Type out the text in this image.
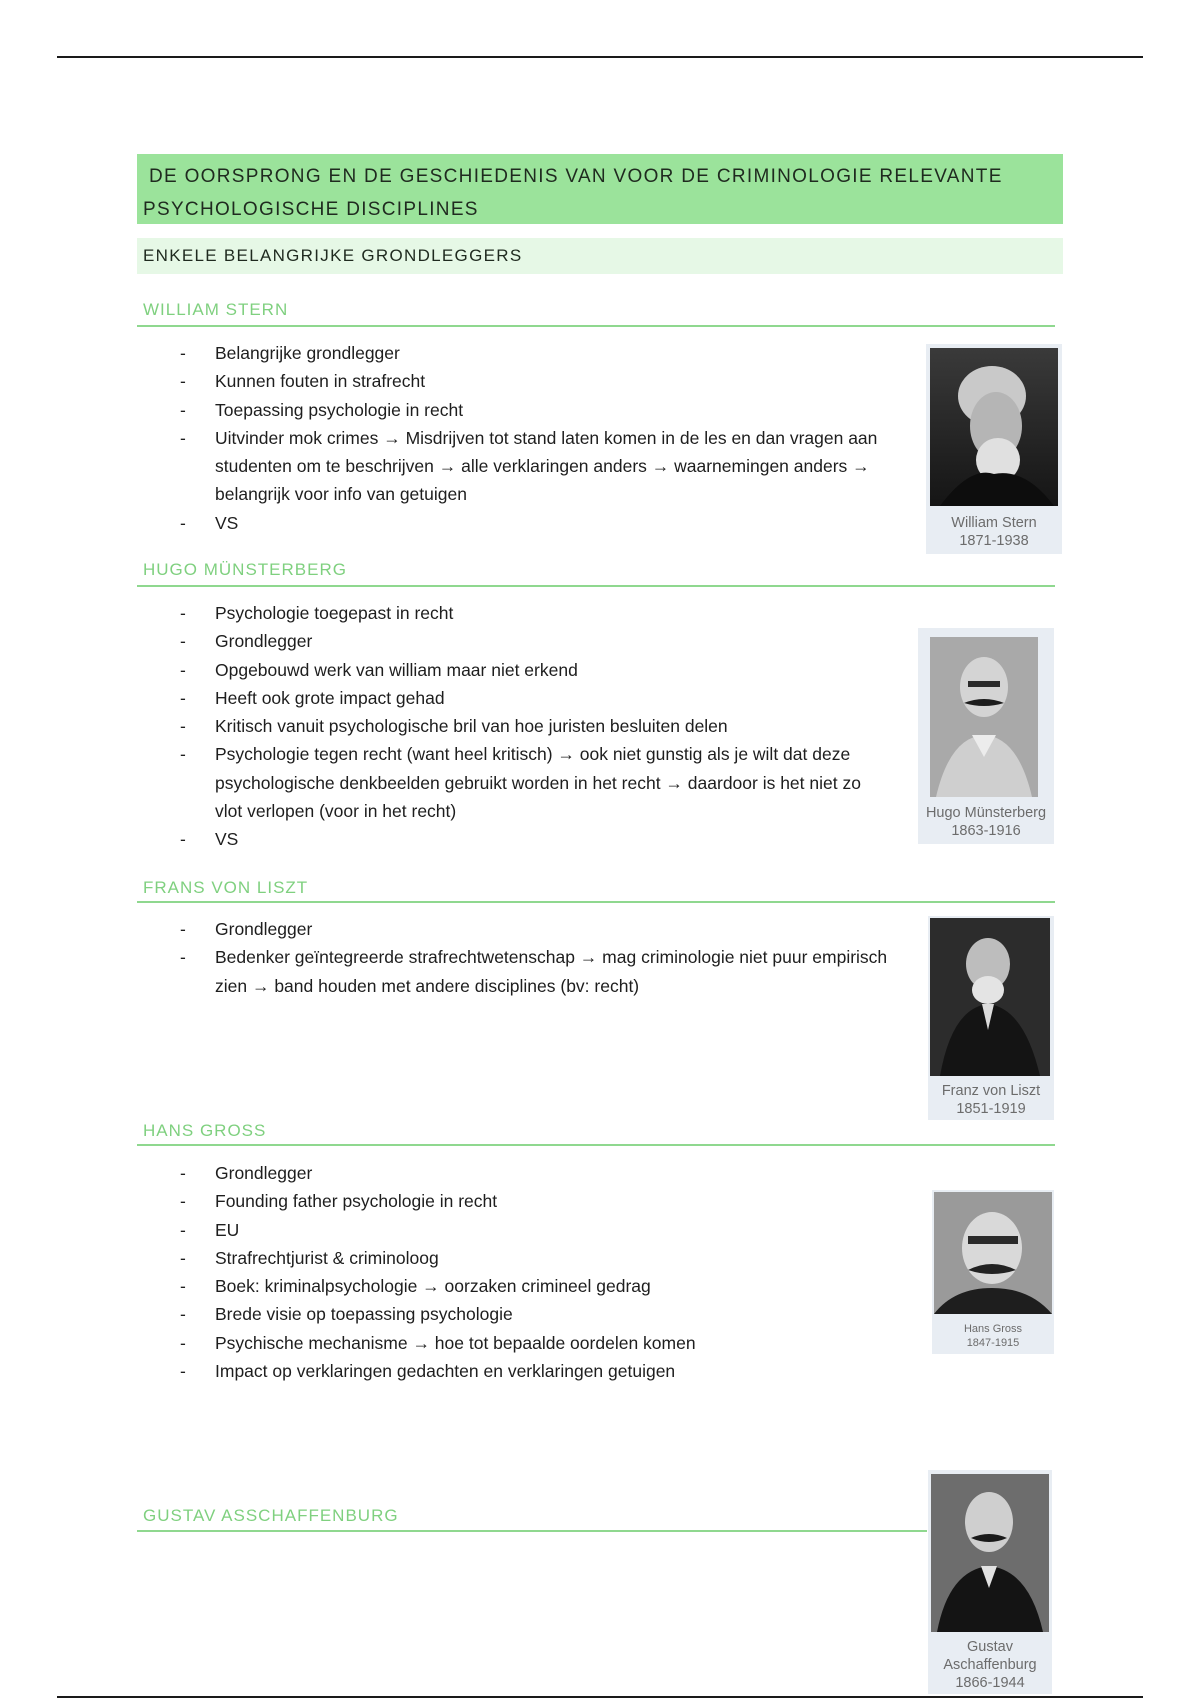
DE OORSPRONG EN DE GESCHIEDENIS VAN VOOR DE CRIMINOLOGIE RELEVANTE
PSYCHOLOGISCHE DISCIPLINES
ENKELE BELANGRIJKE GRONDLEGGERS
WILLIAM STERN
- Belangrijke grondlegger
- Kunnen fouten in strafrecht
- Toepassing psychologie in recht
- Uitvinder mok crimes → Misdrijven tot stand laten komen in de les en dan vragen aan studenten om te beschrijven → alle verklaringen anders → waarnemingen anders → belangrijk voor info van getuigen
- VS	William Stern
1871-1938
HUGO MÜNSTERBERG
- Psychologie toegepast in recht
- Grondlegger
- Opgebouwd werk van william maar niet erkend
- Heeft ook grote impact gehad
- Kritisch vanuit psychologische bril van hoe juristen besluiten delen
- Psychologie tegen recht (want heel kritisch) → ook niet gunstig als je wilt dat deze psychologische denkbeelden gebruikt worden in het recht → daardoor is het niet zo vlot verlopen (voor in het recht)
- VS
Hugo Münsterberg
1863-1916
FRANS VON LISZT
- Grondlegger
- Bedenker geïntegreerde strafrechtwetenschap → mag criminologie niet puur empirisch zien → band houden met andere disciplines (bv: recht)
Franz von Liszt
1851-1919
HANS GROSS
- Grondlegger
- Founding father psychologie in recht
- EU
- Strafrechtjurist & criminoloog
- Boek: kriminalpsychologie → oorzaken crimineel gedrag
- Brede visie op toepassing psychologie
- Psychische mechanisme → hoe tot bepaalde oordelen komen
- Impact op verklaringen gedachten en verklaringen getuigen
Hans Gross
1847-1915
GUSTAV ASSCHAFFENBURG
Gustav
Aschaffenburg
1866-1944
